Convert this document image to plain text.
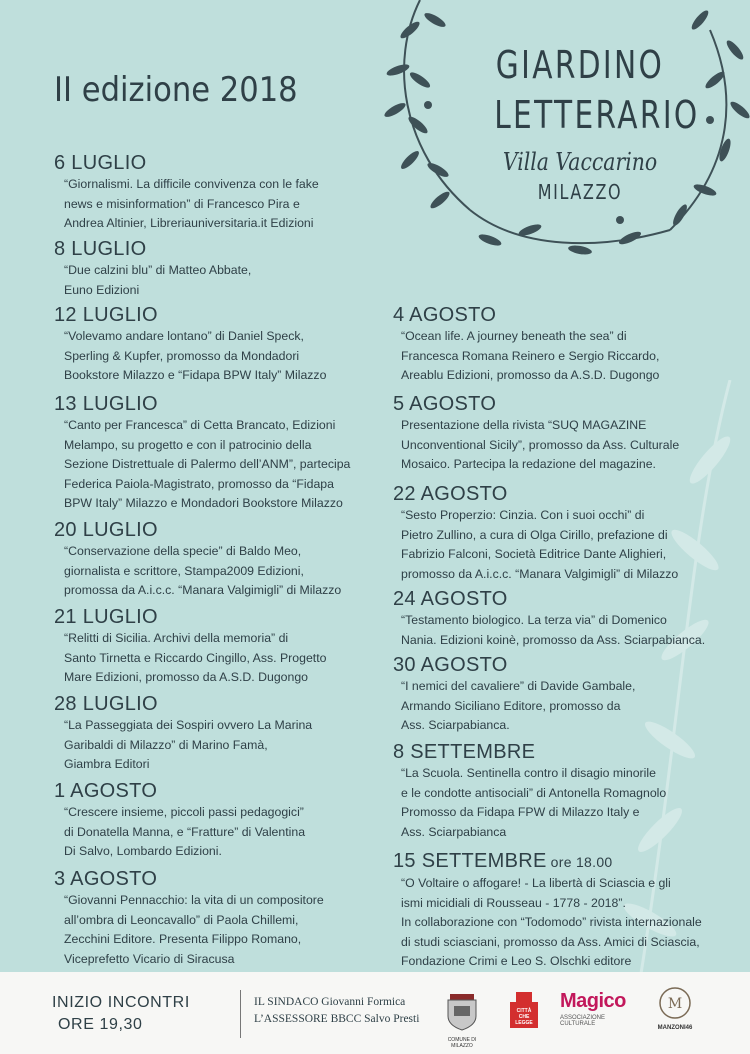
II edizione 2018
GIARDINO
LETTERARIO
Villa Vaccarino
MILAZZO
6 LUGLIO
“Giornalismi. La difficile convivenza con le fake
news e misinformation” di Francesco Pira e
Andrea Altinier, Libreriauniversitaria.it Edizioni
8 LUGLIO
“Due calzini blu” di Matteo Abbate,
Euno Edizioni
12 LUGLIO
“Volevamo andare lontano” di Daniel Speck,
Sperling & Kupfer, promosso da Mondadori
Bookstore Milazzo e “Fidapa BPW Italy” Milazzo
13 LUGLIO
“Canto per Francesca” di Cetta Brancato, Edizioni
Melampo, su progetto e con il patrocinio della
Sezione Distrettuale di Palermo dell’ANM”, partecipa
Federica Paiola-Magistrato, promosso da “Fidapa
BPW Italy” Milazzo e Mondadori Bookstore Milazzo
20 LUGLIO
“Conservazione della specie” di Baldo Meo,
giornalista e scrittore, Stampa2009 Edizioni,
promossa da A.i.c.c. “Manara Valgimigli” di Milazzo
21 LUGLIO
“Relitti di Sicilia. Archivi della memoria” di
Santo Tirnetta e Riccardo Cingillo, Ass. Progetto
Mare Edizioni, promosso da A.S.D. Dugongo
28 LUGLIO
“La Passeggiata dei Sospiri ovvero La Marina
Garibaldi di Milazzo” di Marino Famà,
Giambra Editori
1 AGOSTO
“Crescere insieme, piccoli passi pedagogici”
di Donatella Manna, e “Fratture” di Valentina
Di Salvo, Lombardo Edizioni.
3 AGOSTO
“Giovanni Pennacchio: la vita di un compositore
all’ombra di Leoncavallo” di Paola Chillemi,
Zecchini Editore. Presenta Filippo Romano,
Viceprefetto Vicario di Siracusa
4 AGOSTO
“Ocean life. A journey beneath the sea” di
Francesca Romana Reinero e Sergio Riccardo,
Areablu Edizioni, promosso da A.S.D. Dugongo
5 AGOSTO
Presentazione della rivista “SUQ MAGAZINE
Unconventional Sicily”, promosso da Ass. Culturale
Mosaico. Partecipa la redazione del magazine.
22 AGOSTO
“Sesto Properzio: Cinzia. Con i suoi occhi” di
Pietro Zullino, a cura di Olga Cirillo, prefazione di
Fabrizio Falconi, Società Editrice Dante Alighieri,
promosso da A.i.c.c. “Manara Valgimigli” di Milazzo
24 AGOSTO
“Testamento biologico. La terza via” di Domenico
Nania. Edizioni koinè, promosso da Ass. Sciarpabianca.
30 AGOSTO
“I nemici del cavaliere” di Davide Gambale,
Armando Siciliano Editore, promosso da
Ass. Sciarpabianca.
8 SETTEMBRE
“La Scuola. Sentinella contro il disagio minorile
e le condotte antisociali” di Antonella Romagnolo
Promosso da Fidapa FPW di Milazzo Italy e
Ass. Sciarpabianca
15 SETTEMBRE ore 18.00
“O Voltaire o affogare! - La libertà di Sciascia e gli
ismi micidiali di Rousseau - 1778 - 2018”.
In collaborazione con “Todomodo” rivista internazionale
di studi sciasciani, promosso da Ass. Amici di Sciascia,
Fondazione Crimi e Leo S. Olschki editore
INIZIO INCONTRI
ORE 19,30
IL SINDACO Giovanni Formica
L’ASSESSORE BBCC Salvo Presti
COMUNE DI MILAZZO
CITTÀ CHE LEGGE
Magico
ASSOCIAZIONE CULTURALE
M
MANZONI46
